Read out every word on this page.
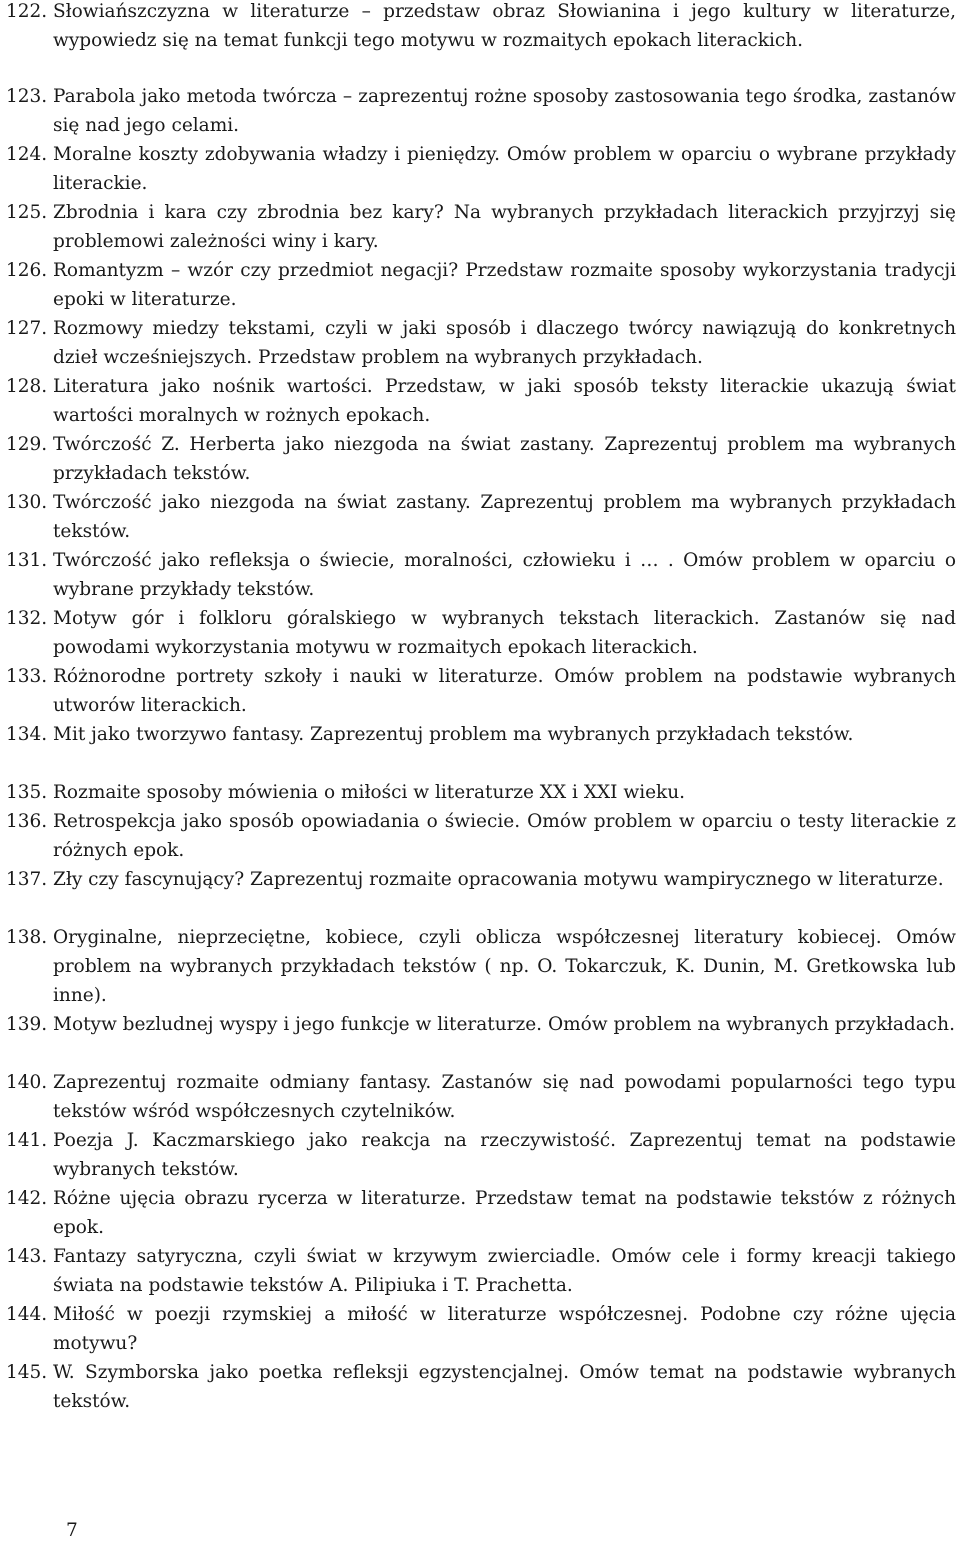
122. Słowiańszczyzna w literaturze – przedstaw obraz Słowianina i jego kultury w literaturze, wypowiedz się na temat funkcji tego motywu w rozmaitych epokach literackich.
123. Parabola jako metoda twórcza – zaprezentuj rożne sposoby zastosowania tego środka, zastanów się nad jego celami.
124. Moralne koszty zdobywania władzy i pieniędzy. Omów problem w oparciu o wybrane przykłady literackie.
125. Zbrodnia i kara czy zbrodnia bez kary? Na wybranych przykładach literackich przyjrzyj się problemowi zależności winy i kary.
126. Romantyzm – wzór czy przedmiot negacji? Przedstaw rozmaite sposoby wykorzystania tradycji epoki w literaturze.
127. Rozmowy miedzy tekstami, czyli w jaki sposób i dlaczego twórcy nawiązują do konkretnych dzieł wcześniejszych. Przedstaw problem na wybranych przykładach.
128. Literatura jako nośnik wartości. Przedstaw, w jaki sposób teksty literackie ukazują świat wartości moralnych w rożnych epokach.
129. Twórczość Z. Herberta jako niezgoda na świat zastany. Zaprezentuj problem ma wybranych przykładach tekstów.
130. Twórczość jako niezgoda na świat zastany. Zaprezentuj problem ma wybranych przykładach tekstów.
131. Twórczość jako refleksja o świecie, moralności, człowieku i … . Omów problem w oparciu o wybrane przykłady tekstów.
132. Motyw gór i folkloru góralskiego w wybranych tekstach literackich. Zastanów się nad powodami wykorzystania motywu w rozmaitych epokach literackich.
133. Różnorodne portrety szkoły i nauki w literaturze. Omów problem na podstawie wybranych utworów literackich.
134. Mit jako tworzywo fantasy. Zaprezentuj problem ma wybranych przykładach tekstów.
135. Rozmaite sposoby mówienia o miłości w literaturze XX i XXI wieku.
136. Retrospekcja jako sposób opowiadania o świecie. Omów problem w oparciu o testy literackie z różnych epok.
137. Zły czy fascynujący? Zaprezentuj rozmaite opracowania motywu wampirycznego w literaturze.
138. Oryginalne, nieprzeciętne, kobiece, czyli oblicza współczesnej literatury kobiecej. Omów problem na wybranych przykładach tekstów ( np. O. Tokarczuk, K. Dunin, M. Gretkowska lub inne).
139. Motyw bezludnej wyspy i jego funkcje w literaturze. Omów problem na wybranych przykładach.
140. Zaprezentuj rozmaite odmiany fantasy. Zastanów się nad powodami popularności tego typu tekstów wśród współczesnych czytelników.
141. Poezja J. Kaczmarskiego jako reakcja na rzeczywistość. Zaprezentuj temat na podstawie wybranych tekstów.
142. Różne ujęcia obrazu rycerza w literaturze. Przedstaw temat na podstawie tekstów z różnych epok.
143. Fantazy satyryczna, czyli świat w krzywym zwierciadle. Omów cele i formy kreacji takiego świata na podstawie tekstów A. Pilipiuka i T. Prachetta.
144. Miłość w poezji rzymskiej a miłość w literaturze współczesnej. Podobne czy różne ujęcia motywu?
145. W. Szymborska jako poetka refleksji egzystencjalnej. Omów temat na podstawie wybranych tekstów.
7
